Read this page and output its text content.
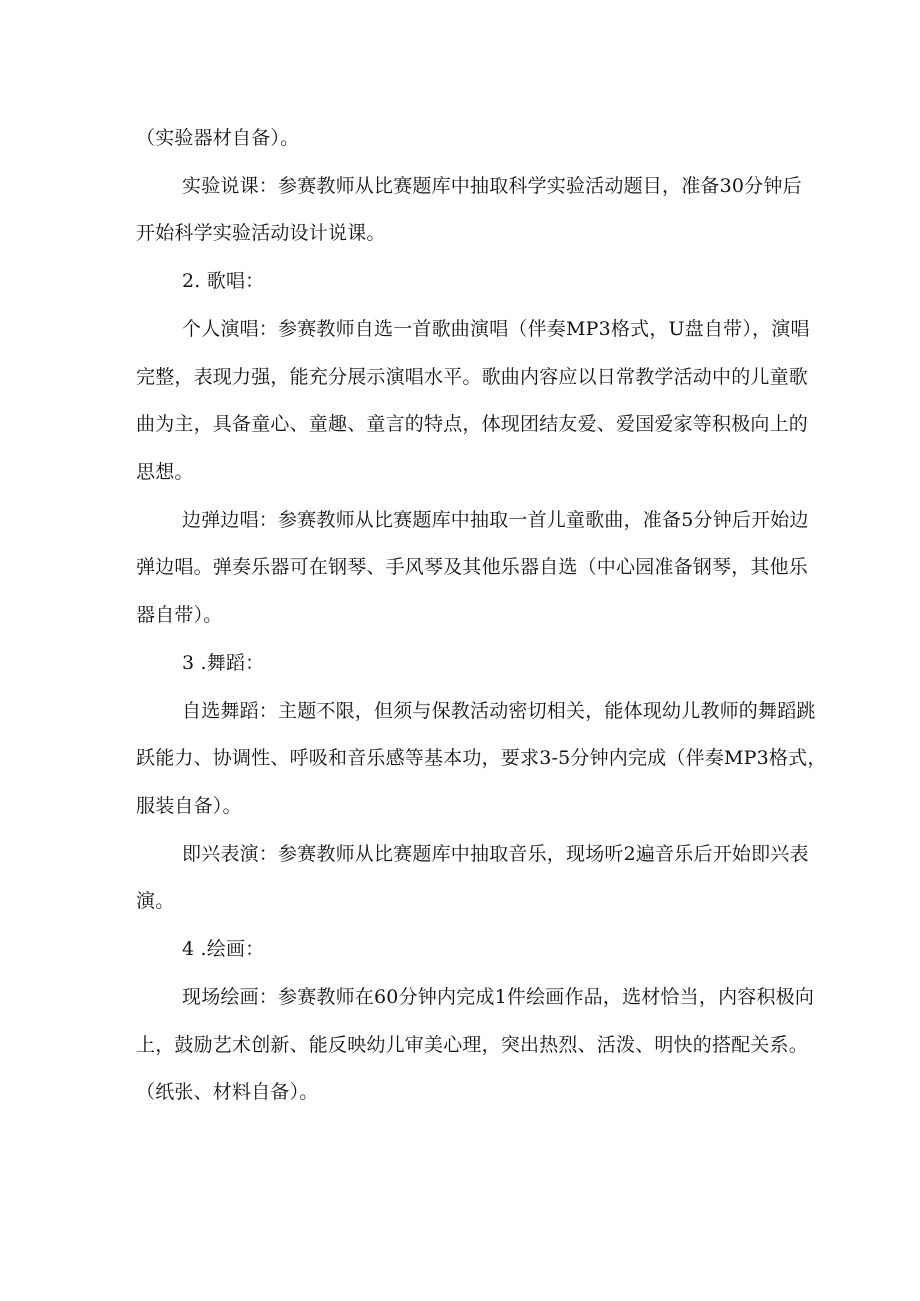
（实验器材自备）。
实验说课：参赛教师从比赛题库中抽取科学实验活动题目，准备30分钟后
开始科学实验活动设计说课。
2. 歌唱：
个人演唱：参赛教师自选一首歌曲演唱（伴奏MP3格式，U盘自带），演唱
完整，表现力强，能充分展示演唱水平。歌曲内容应以日常教学活动中的儿童歌
曲为主，具备童心、童趣、童言的特点，体现团结友爱、爱国爱家等积极向上的
思想。
边弹边唱：参赛教师从比赛题库中抽取一首儿童歌曲，准备5分钟后开始边
弹边唱。弹奏乐器可在钢琴、手风琴及其他乐器自选（中心园准备钢琴，其他乐
器自带）。
3 .舞蹈：
自选舞蹈：主题不限，但须与保教活动密切相关，能体现幼儿教师的舞蹈跳
跃能力、协调性、呼吸和音乐感等基本功，要求3-5分钟内完成（伴奏MP3格式，
服装自备）。
即兴表演：参赛教师从比赛题库中抽取音乐，现场听2遍音乐后开始即兴表
演。
4 .绘画：
现场绘画：参赛教师在60分钟内完成1件绘画作品，选材恰当，内容积极向
上，鼓励艺术创新、能反映幼儿审美心理，突出热烈、活泼、明快的搭配关系。
（纸张、材料自备）。
